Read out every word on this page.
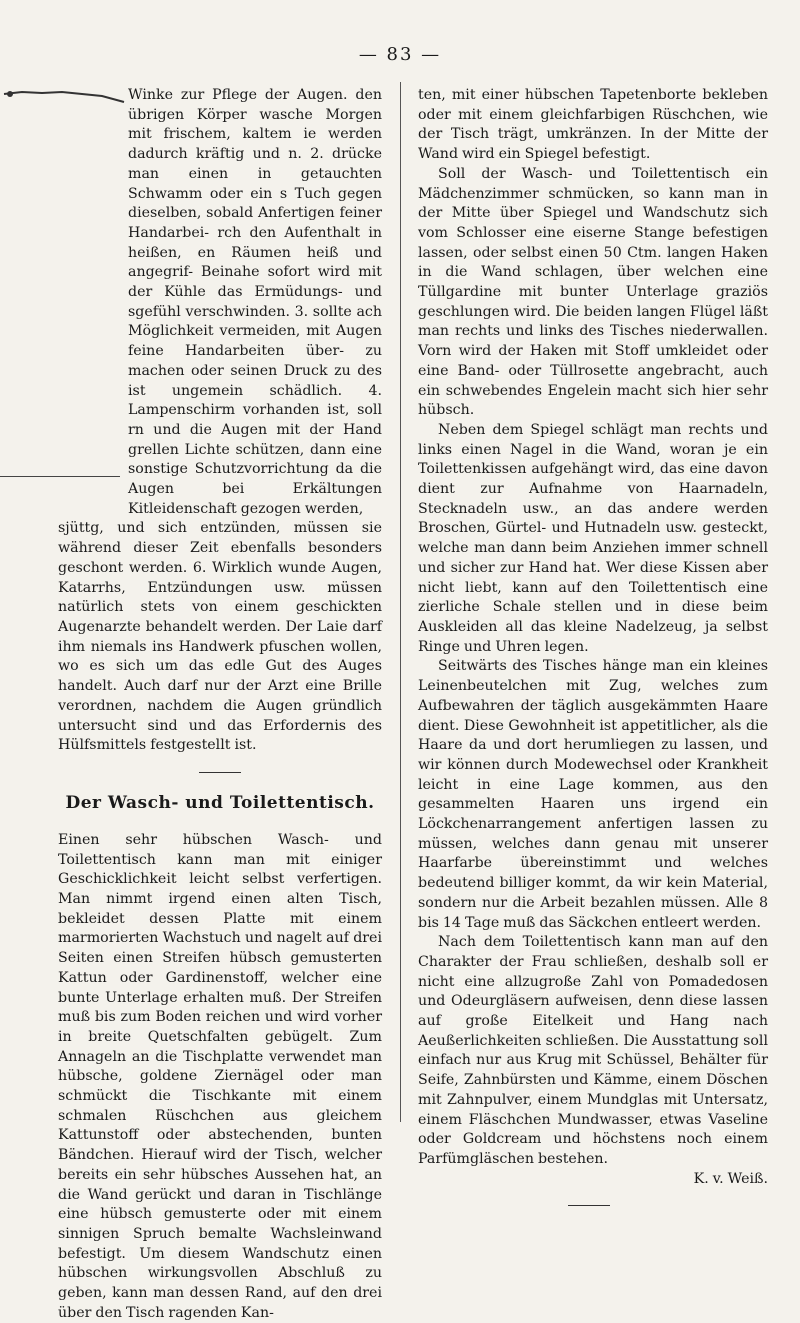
— 83 —

Winke zur Pflege der Augen. den übrigen Körper wasche Morgen mit frischem, kaltem ie werden dadurch kräftig und n. 2. drücke man einen in getauchten Schwamm oder ein s Tuch gegen dieselben, sobald Anfertigen feiner Handarbei- rch den Aufenthalt in heißen, en Räumen heiß und angegrif- Beinahe sofort wird mit der Kühle das Ermüdungs- und sgefühl verschwinden. 3. sollte ach Möglichkeit vermeiden, mit Augen feine Handarbeiten über- zu machen oder seinen Druck zu des ist ungemein schädlich. 4. Lampenschirm vorhanden ist, soll rn und die Augen mit der Hand grellen Lichte schützen, dann eine sonstige Schutzvorrichtung da die Augen bei Erkältungen Kitleidenschaft gezogen werden,

sjüttg, und sich entzünden, müssen sie während dieser Zeit ebenfalls besonders geschont werden. 6. Wirklich wunde Augen, Katarrhs, Entzündungen usw. müssen natürlich stets von einem geschickten Augenarzte behandelt werden. Der Laie darf ihm niemals ins Handwerk pfuschen wollen, wo es sich um das edle Gut des Auges handelt. Auch darf nur der Arzt eine Brille verordnen, nachdem die Augen gründlich untersucht sind und das Erfordernis des Hülfsmittels festgestellt ist.

Der Wasch- und Toilettentisch.

Einen sehr hübschen Wasch- und Toilettentisch kann man mit einiger Geschicklichkeit leicht selbst verfertigen. Man nimmt irgend einen alten Tisch, bekleidet dessen Platte mit einem marmorierten Wachstuch und nagelt auf drei Seiten einen Streifen hübsch gemusterten Kattun oder Gardinenstoff, welcher eine bunte Unterlage erhalten muß. Der Streifen muß bis zum Boden reichen und wird vorher in breite Quetschfalten gebügelt. Zum Annageln an die Tischplatte verwendet man hübsche, goldene Ziernägel oder man schmückt die Tischkante mit einem schmalen Rüschchen aus gleichem Kattunstoff oder abstechenden, bunten Bändchen. Hierauf wird der Tisch, welcher bereits ein sehr hübsches Aussehen hat, an die Wand gerückt und daran in Tischlänge eine hübsch gemusterte oder mit einem sinnigen Spruch bemalte Wachsleinwand befestigt. Um diesem Wandschutz einen hübschen wirkungsvollen Abschluß zu geben, kann man dessen Rand, auf den drei über den Tisch ragenden Kan-

ten, mit einer hübschen Tapetenborte bekleben oder mit einem gleichfarbigen Rüschchen, wie der Tisch trägt, umkränzen. In der Mitte der Wand wird ein Spiegel befestigt.

Soll der Wasch- und Toilettentisch ein Mädchenzimmer schmücken, so kann man in der Mitte über Spiegel und Wandschutz sich vom Schlosser eine eiserne Stange befestigen lassen, oder selbst einen 50 Ctm. langen Haken in die Wand schlagen, über welchen eine Tüllgardine mit bunter Unterlage graziös geschlungen wird. Die beiden langen Flügel läßt man rechts und links des Tisches niederwallen. Vorn wird der Haken mit Stoff umkleidet oder eine Band- oder Tüllrosette angebracht, auch ein schwebendes Engelein macht sich hier sehr hübsch.

Neben dem Spiegel schlägt man rechts und links einen Nagel in die Wand, woran je ein Toilettenkissen aufgehängt wird, das eine davon dient zur Aufnahme von Haarnadeln, Stecknadeln usw., an das andere werden Broschen, Gürtel- und Hutnadeln usw. gesteckt, welche man dann beim Anziehen immer schnell und sicher zur Hand hat. Wer diese Kissen aber nicht liebt, kann auf den Toilettentisch eine zierliche Schale stellen und in diese beim Auskleiden all das kleine Nadelzeug, ja selbst Ringe und Uhren legen.

Seitwärts des Tisches hänge man ein kleines Leinenbeutelchen mit Zug, welches zum Aufbewahren der täglich ausgekämmten Haare dient. Diese Gewohnheit ist appetitlicher, als die Haare da und dort herumliegen zu lassen, und wir können durch Modewechsel oder Krankheit leicht in eine Lage kommen, aus den gesammelten Haaren uns irgend ein Löckchenarrangement anfertigen lassen zu müssen, welches dann genau mit unserer Haarfarbe übereinstimmt und welches bedeutend billiger kommt, da wir kein Material, sondern nur die Arbeit bezahlen müssen. Alle 8 bis 14 Tage muß das Säckchen entleert werden.

Nach dem Toilettentisch kann man auf den Charakter der Frau schließen, deshalb soll er nicht eine allzugroße Zahl von Pomadedosen und Odeurgläsern aufweisen, denn diese lassen auf große Eitelkeit und Hang nach Aeußerlichkeiten schließen. Die Ausstattung soll einfach nur aus Krug mit Schüssel, Behälter für Seife, Zahnbürsten und Kämme, einem Döschen mit Zahnpulver, einem Mundglas mit Untersatz, einem Fläschchen Mundwasser, etwas Vaseline oder Goldcream und höchstens noch einem Parfümgläschen bestehen.

K. v. Weiß.
